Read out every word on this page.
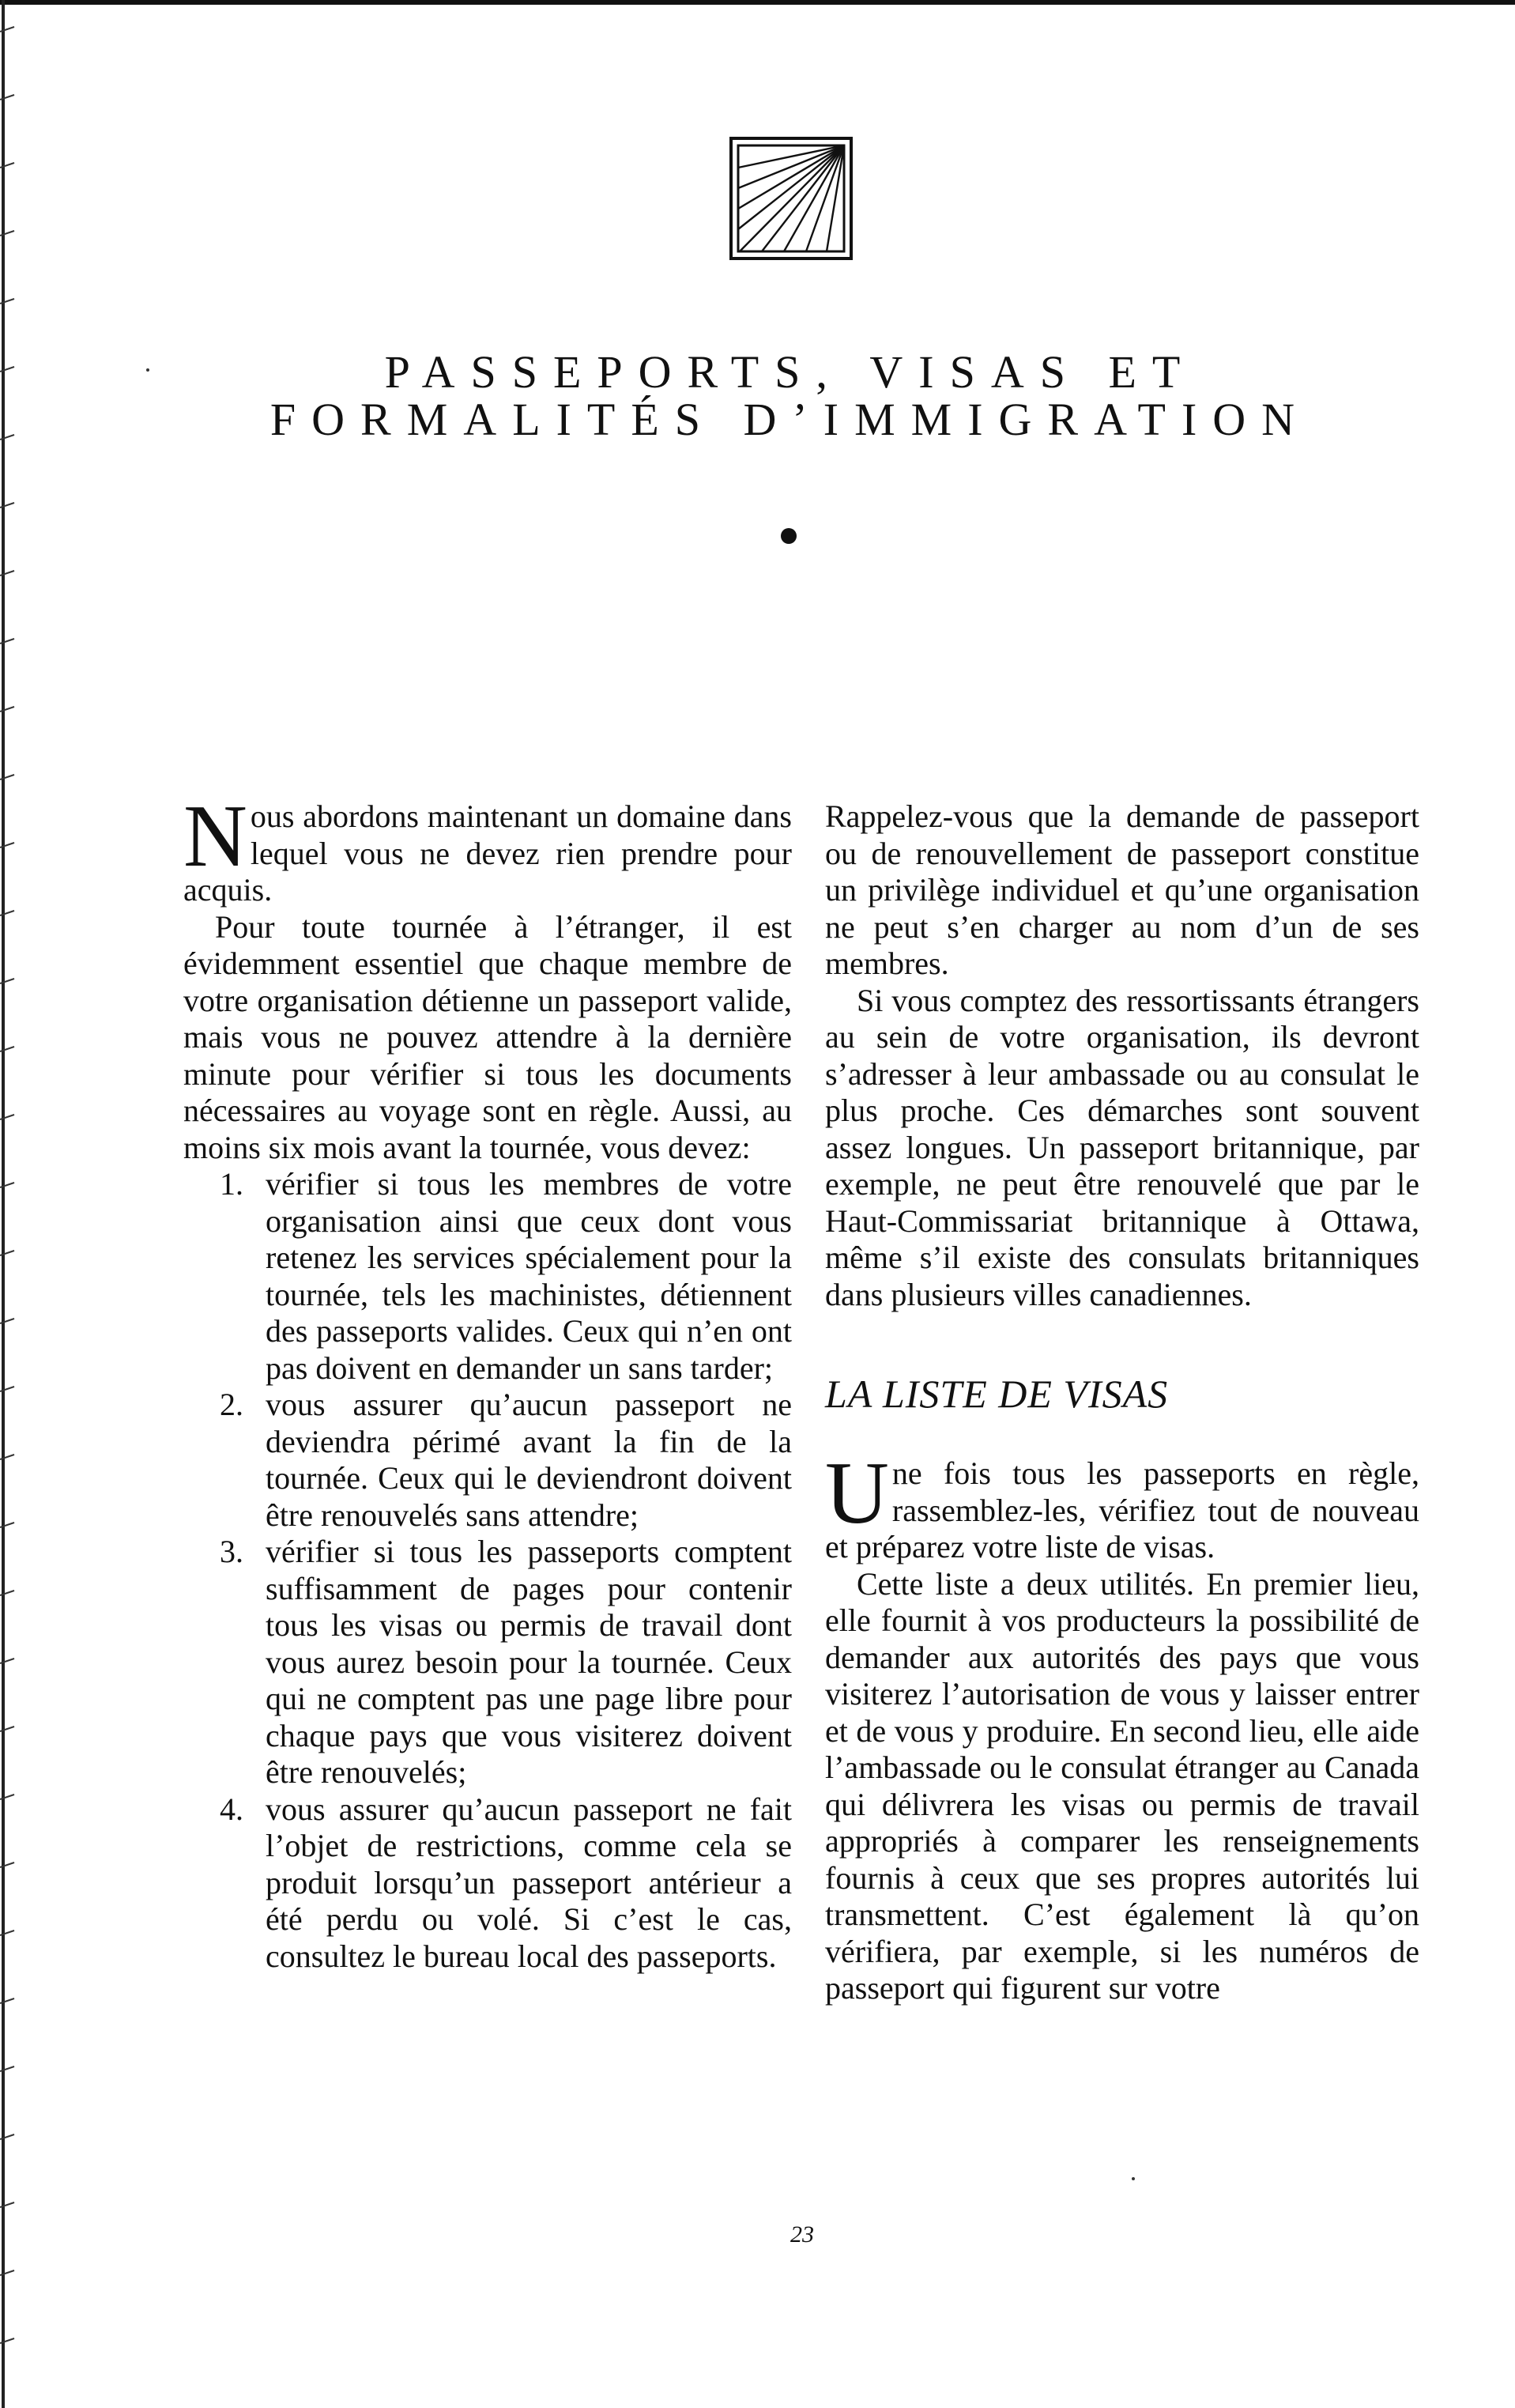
PASSEPORTS, VISAS ET
FORMALITÉS D’IMMIGRATION

Nous abordons maintenant un domaine dans lequel vous ne devez rien prendre pour acquis.

Pour toute tournée à l’étranger, il est évidemment essentiel que chaque membre de votre organisation détienne un passeport valide, mais vous ne pouvez attendre à la dernière minute pour vérifier si tous les documents nécessaires au voyage sont en règle. Aussi, au moins six mois avant la tournée, vous devez:

1. vérifier si tous les membres de votre organisation ainsi que ceux dont vous retenez les services spécialement pour la tournée, tels les machinistes, détiennent des passeports valides. Ceux qui n’en ont pas doivent en demander un sans tarder;
2. vous assurer qu’aucun passeport ne deviendra périmé avant la fin de la tournée. Ceux qui le deviendront doivent être renouvelés sans attendre;
3. vérifier si tous les passeports comptent suffisamment de pages pour contenir tous les visas ou permis de travail dont vous aurez besoin pour la tournée. Ceux qui ne comptent pas une page libre pour chaque pays que vous visiterez doivent être renouvelés;
4. vous assurer qu’aucun passeport ne fait l’objet de restrictions, comme cela se produit lorsqu’un passeport antérieur a été perdu ou volé. Si c’est le cas, consultez le bureau local des passeports.

Rappelez-vous que la demande de passeport ou de renouvellement de passeport constitue un privilège individuel et qu’une organisation ne peut s’en charger au nom d’un de ses membres.

Si vous comptez des ressortissants étrangers au sein de votre organisation, ils devront s’adresser à leur ambassade ou au consulat le plus proche. Ces démarches sont souvent assez longues. Un passeport britannique, par exemple, ne peut être renouvelé que par le Haut-Commissariat britannique à Ottawa, même s’il existe des consulats britanniques dans plusieurs villes canadiennes.

LA LISTE DE VISAS

Une fois tous les passeports en règle, rassemblez-les, vérifiez tout de nouveau et préparez votre liste de visas.

Cette liste a deux utilités. En premier lieu, elle fournit à vos producteurs la possibilité de demander aux autorités des pays que vous visiterez l’autorisation de vous y laisser entrer et de vous y produire. En second lieu, elle aide l’ambassade ou le consulat étranger au Canada qui délivrera les visas ou permis de travail appropriés à comparer les renseignements fournis à ceux que ses propres autorités lui transmettent. C’est également là qu’on vérifiera, par exemple, si les numéros de passeport qui figurent sur votre

23
